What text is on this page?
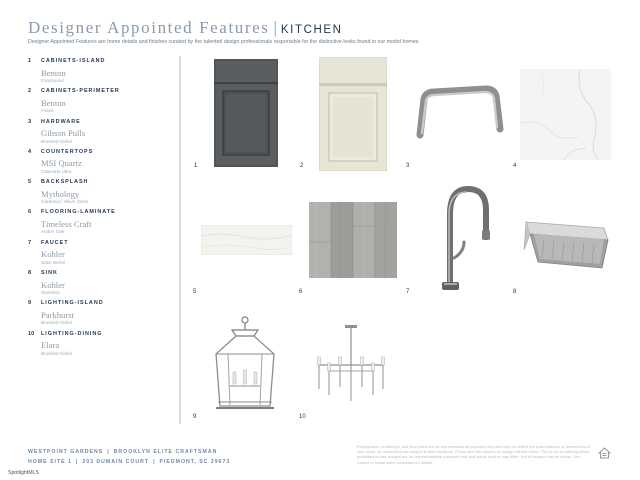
Designer Appointed Features | KITCHEN
Designer Appointed Features are home details and finishes curated by the talented design professionals responsible for the distinctive looks found in our model homes.
1 CABINETS-ISLAND
Benton
Greyhound
2 CABINETS-PERIMETER
Benton
Fossil
3 HARDWARE
Gibson Pulls
Brushed Nickel
4 COUNTERTOPS
MSI Quartz
Calacatta Ultra
5 BACKSPLASH
Mythology
Gardenia | Wave Gloss
6 FLOORING-LAMINATE
Timeless Craft
Amber Oak
7 FAUCET
Kohler
Satin Nickel
8 SINK
Kohler
Stainless
9 LIGHTING-ISLAND
Parkhurst
Brushed Nickel
10 LIGHTING-DINING
Elara
Brushed Nickel
1	2	3	4
5	6	7	8
9	10
WESTPOINT GARDENS | BROOKLYN ELITE CRAFTSMAN
HOME SITE 1 | 203 DUMAIN COURT | PIEDMONT, SC 29673
Photographs, renderings, and floor plans are for representational purposes only and may not reflect the exact features or dimensions of your home. All dimensions are subject to field variations. Prices and offer subject to change without notice. This is not an offering where prohibited by law. Images are for representational purposes only and actual product may differ. Not all images may be shown. See Homes or onsite sales consultant for details.
SpotlightMLS
